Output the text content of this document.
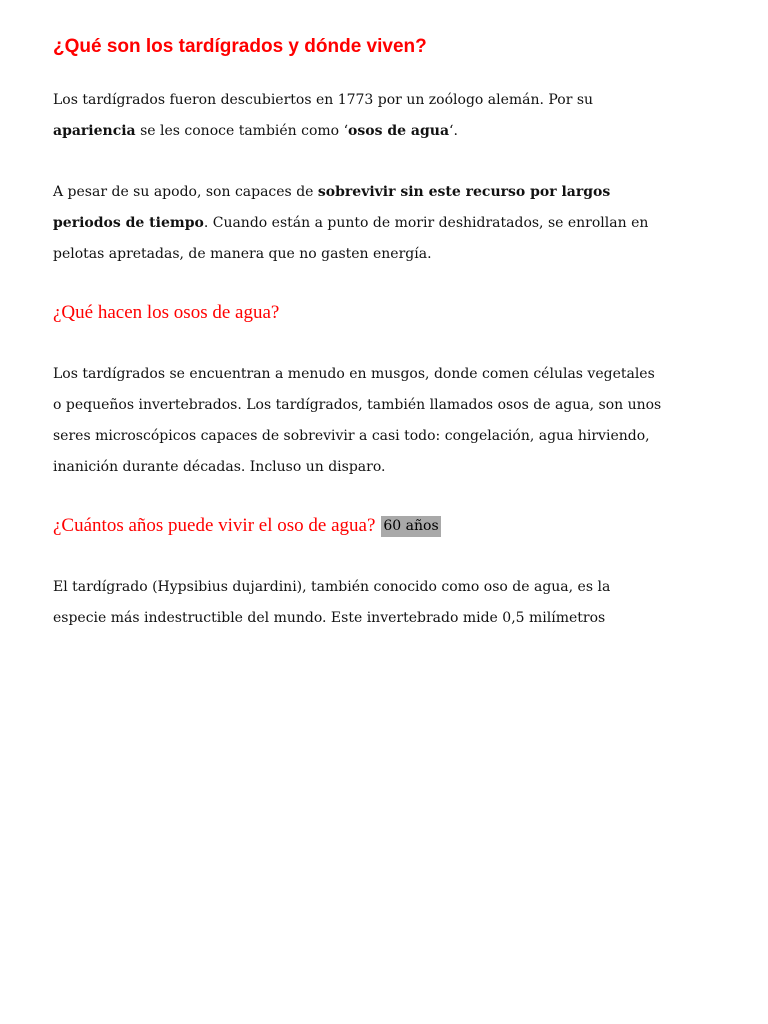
¿Qué son los tardígrados y dónde viven?

Los tardígrados fueron descubiertos en 1773 por un zoólogo alemán. Por su apariencia se les conoce también como ‘osos de agua‘.

A pesar de su apodo, son capaces de sobrevivir sin este recurso por largos periodos de tiempo. Cuando están a punto de morir deshidratados, se enrollan en pelotas apretadas, de manera que no gasten energía.

¿Qué hacen los osos de agua?

Los tardígrados se encuentran a menudo en musgos, donde comen células vegetales o pequeños invertebrados. Los tardígrados, también llamados osos de agua, son unos seres microscópicos capaces de sobrevivir a casi todo: congelación, agua hirviendo, inanición durante décadas. Incluso un disparo.

¿Cuántos años puede vivir el oso de agua? 60 años

El tardígrado (Hypsibius dujardini), también conocido como oso de agua, es la especie más indestructible del mundo. Este invertebrado mide 0,5 milímetros
